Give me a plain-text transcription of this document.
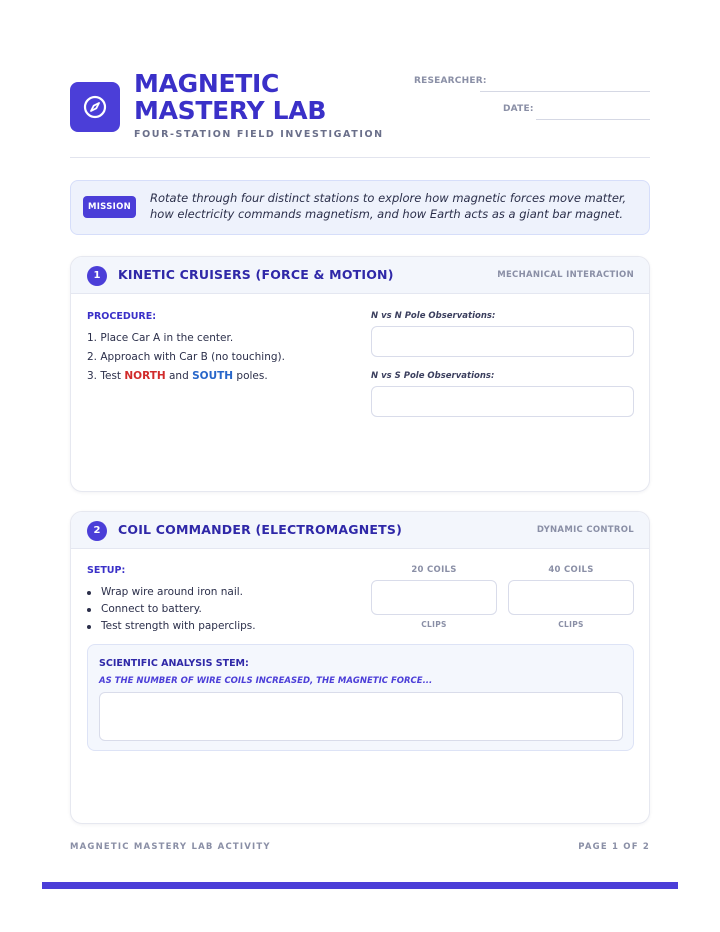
MAGNETIC
MASTERY LAB
FOUR-STATION FIELD INVESTIGATION
RESEARCHER:
DATE:
MISSION
Rotate through four distinct stations to explore how magnetic forces move matter, how electricity commands magnetism, and how Earth acts as a giant bar magnet.
1	KINETIC CRUISERS (FORCE & MOTION)	MECHANICAL INTERACTION
PROCEDURE:
1. Place Car A in the center.
2. Approach with Car B (no touching).
3. Test NORTH and SOUTH poles.
N vs N Pole Observations:
N vs S Pole Observations:
2	COIL COMMANDER (ELECTROMAGNETS)	DYNAMIC CONTROL
SETUP:
Wrap wire around iron nail.
Connect to battery.
Test strength with paperclips.
20 COILS
CLIPS
40 COILS
CLIPS
SCIENTIFIC ANALYSIS STEM:
AS THE NUMBER OF WIRE COILS INCREASED, THE MAGNETIC FORCE...
MAGNETIC MASTERY LAB ACTIVITY	PAGE 1 OF 2
